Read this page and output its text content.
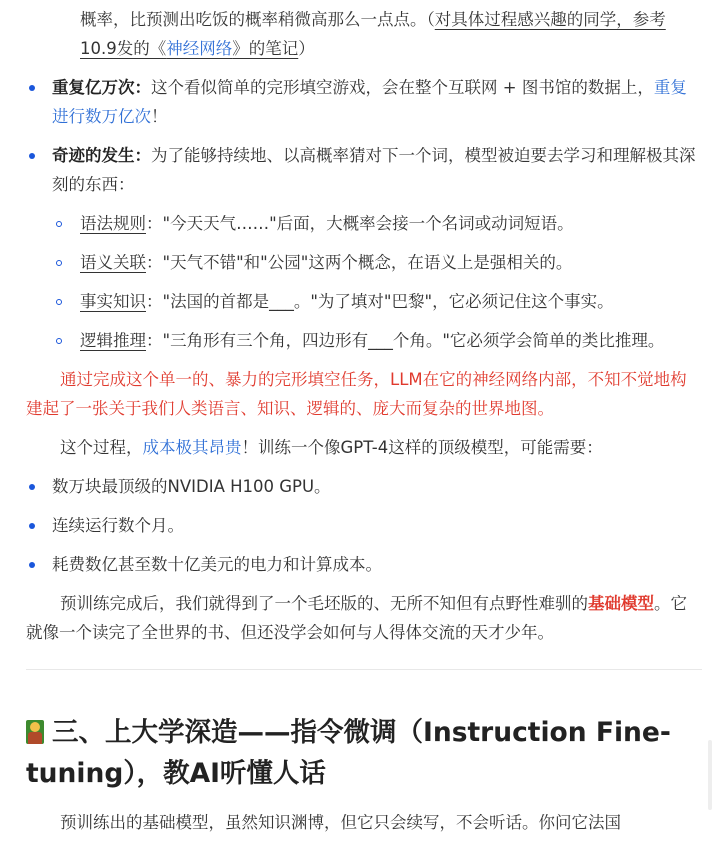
概率，比预测出吃饭的概率稍微高那么一点点。（对具体过程感兴趣的同学，参考10.9发的《神经网络》的笔记）
重复亿万次：这个看似简单的完形填空游戏，会在整个互联网 + 图书馆的数据上，重复进行数万亿次！
奇迹的发生：为了能够持续地、以高概率猜对下一个词，模型被迫要去学习和理解极其深刻的东西：
语法规则："今天天气……"后面，大概率会接一个名词或动词短语。
语义关联："天气不错"和"公园"这两个概念，在语义上是强相关的。
事实知识："法国的首都是___。"为了填对"巴黎"，它必须记住这个事实。
逻辑推理："三角形有三个角，四边形有___个角。"它必须学会简单的类比推理。

通过完成这个单一的、暴力的完形填空任务，LLM在它的神经网络内部，不知不觉地构建起了一张关于我们人类语言、知识、逻辑的、庞大而复杂的世界地图。

这个过程，成本极其昂贵！训练一个像GPT-4这样的顶级模型，可能需要：

数万块最顶级的NVIDIA H100 GPU。
连续运行数个月。
耗费数亿甚至数十亿美元的电力和计算成本。

预训练完成后，我们就得到了一个毛坯版的、无所不知但有点野性难驯的基础模型。它就像一个读完了全世界的书、但还没学会如何与人得体交流的天才少年。

三、上大学深造——指令微调（Instruction Fine-tuning），教AI听懂人话

预训练出的基础模型，虽然知识渊博，但它只会续写，不会听话。你问它法国
